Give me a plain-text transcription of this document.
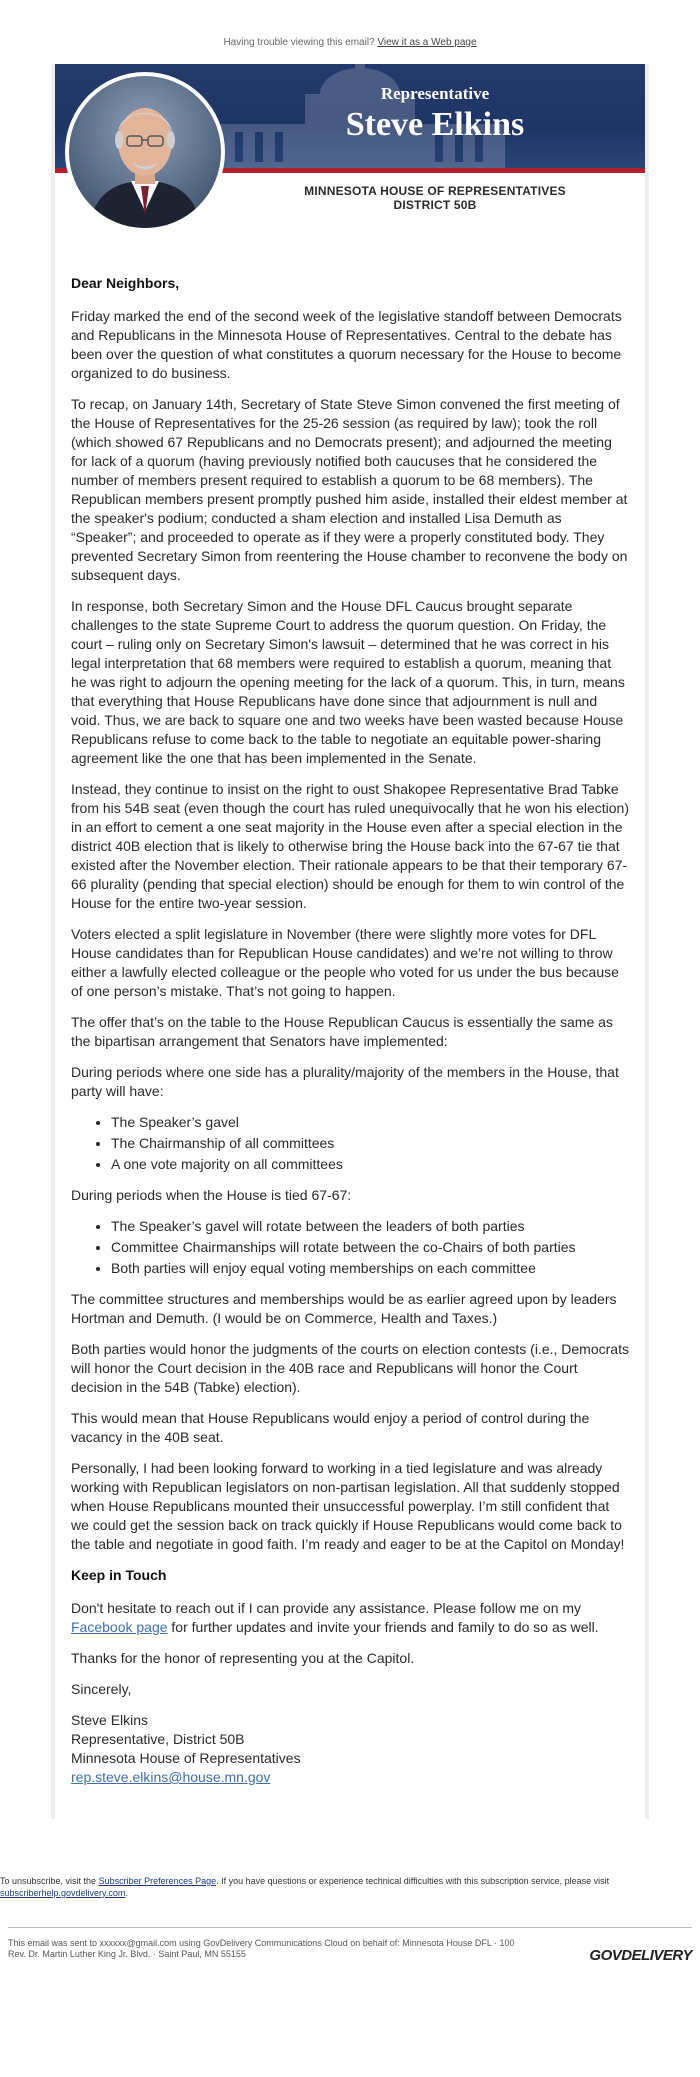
Having trouble viewing this email? View it as a Web page
Representative
Steve Elkins
MINNESOTA HOUSE OF REPRESENTATIVES
DISTRICT 50B
Dear Neighbors,

Friday marked the end of the second week of the legislative standoff between Democrats and Republicans in the Minnesota House of Representatives. Central to the debate has been over the question of what constitutes a quorum necessary for the House to become organized to do business.

To recap, on January 14th, Secretary of State Steve Simon convened the first meeting of the House of Representatives for the 25-26 session (as required by law); took the roll (which showed 67 Republicans and no Democrats present); and adjourned the meeting for lack of a quorum (having previously notified both caucuses that he considered the number of members present required to establish a quorum to be 68 members). The Republican members present promptly pushed him aside, installed their eldest member at the speaker's podium; conducted a sham election and installed Lisa Demuth as “Speaker”; and proceeded to operate as if they were a properly constituted body. They prevented Secretary Simon from reentering the House chamber to reconvene the body on subsequent days.

In response, both Secretary Simon and the House DFL Caucus brought separate challenges to the state Supreme Court to address the quorum question. On Friday, the court – ruling only on Secretary Simon's lawsuit – determined that he was correct in his legal interpretation that 68 members were required to establish a quorum, meaning that he was right to adjourn the opening meeting for the lack of a quorum. This, in turn, means that everything that House Republicans have done since that adjournment is null and void. Thus, we are back to square one and two weeks have been wasted because House Republicans refuse to come back to the table to negotiate an equitable power-sharing agreement like the one that has been implemented in the Senate.

Instead, they continue to insist on the right to oust Shakopee Representative Brad Tabke from his 54B seat (even though the court has ruled unequivocally that he won his election) in an effort to cement a one seat majority in the House even after a special election in the district 40B election that is likely to otherwise bring the House back into the 67-67 tie that existed after the November election. Their rationale appears to be that their temporary 67-66 plurality (pending that special election) should be enough for them to win control of the House for the entire two-year session.

Voters elected a split legislature in November (there were slightly more votes for DFL House candidates than for Republican House candidates) and we’re not willing to throw either a lawfully elected colleague or the people who voted for us under the bus because of one person’s mistake. That’s not going to happen.

The offer that’s on the table to the House Republican Caucus is essentially the same as the bipartisan arrangement that Senators have implemented:

During periods where one side has a plurality/majority of the members in the House, that party will have:

• The Speaker’s gavel
• The Chairmanship of all committees
• A one vote majority on all committees

During periods when the House is tied 67-67:

• The Speaker’s gavel will rotate between the leaders of both parties
• Committee Chairmanships will rotate between the co-Chairs of both parties
• Both parties will enjoy equal voting memberships on each committee

The committee structures and memberships would be as earlier agreed upon by leaders Hortman and Demuth. (I would be on Commerce, Health and Taxes.)

Both parties would honor the judgments of the courts on election contests (i.e., Democrats will honor the Court decision in the 40B race and Republicans will honor the Court decision in the 54B (Tabke) election).

This would mean that House Republicans would enjoy a period of control during the vacancy in the 40B seat.

Personally, I had been looking forward to working in a tied legislature and was already working with Republican legislators on non-partisan legislation. All that suddenly stopped when House Republicans mounted their unsuccessful powerplay. I’m still confident that we could get the session back on track quickly if House Republicans would come back to the table and negotiate in good faith. I’m ready and eager to be at the Capitol on Monday!

Keep in Touch

Don't hesitate to reach out if I can provide any assistance. Please follow me on my Facebook page for further updates and invite your friends and family to do so as well.

Thanks for the honor of representing you at the Capitol.

Sincerely,

Steve Elkins
Representative, District 50B
Minnesota House of Representatives
rep.steve.elkins@house.mn.gov
To unsubscribe, visit the Subscriber Preferences Page. If you have questions or experience technical difficulties with this subscription service, please visit subscriberhelp.govdelivery.com.
This email was sent to xxxxxx@gmail.com using GovDelivery Communications Cloud on behalf of: Minnesota House DFL · 100
Rev. Dr. Martin Luther King Jr. Blvd. · Saint Paul, MN 55155	GOVDELIVERY
